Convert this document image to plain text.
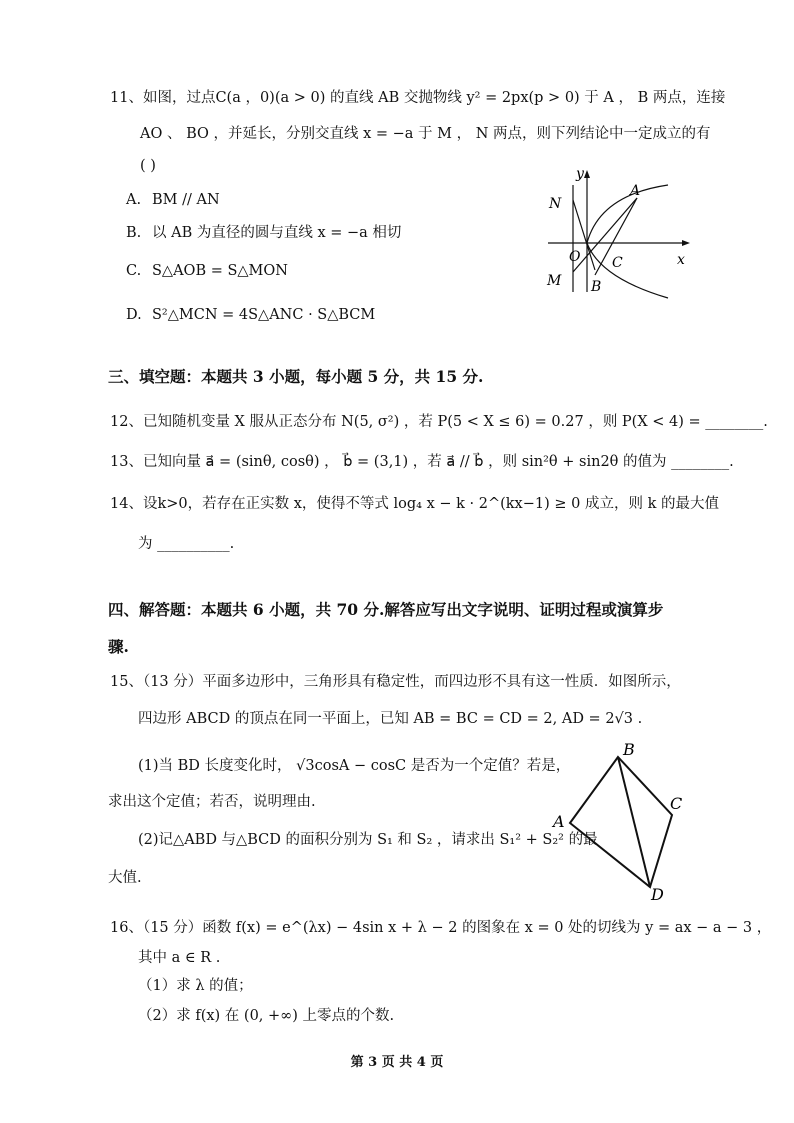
11、如图，过点C(a ，0)(a > 0) 的直线 AB 交抛物线 y² = 2px(p > 0) 于 A ， B 两点，连接
AO 、 BO ，并延长，分别交直线 x = −a 于 M ， N 两点，则下列结论中一定成立的有
( )
A. BM // AN
B. 以 AB 为直径的圆与直线 x = −a 相切
C. S△AOB = S△MON
D. S²△MCN = 4S△ANC · S△BCM
y
x
N
A
O C
M B
三、填空题：本题共 3 小题，每小题 5 分，共 15 分.
12、已知随机变量 X 服从正态分布 N(5, σ²) ，若 P(5 < X ≤ 6) = 0.27 ，则 P(X < 4) = ________.
13、已知向量 a⃗ = (sinθ, cosθ) ， b⃗ = (3,1) ，若 a⃗ // b⃗ ，则 sin²θ + sin2θ 的值为 ________.
14、设k>0，若存在正实数 x，使得不等式 log₄ x − k · 2^(kx−1) ≥ 0 成立，则 k 的最大值
为 __________.
四、解答题：本题共 6 小题，共 70 分.解答应写出文字说明、证明过程或演算步
骤.
15、（13 分）平面多边形中，三角形具有稳定性，而四边形不具有这一性质．如图所示，
四边形 ABCD 的顶点在同一平面上，已知 AB = BC = CD = 2, AD = 2√3 .
(1)当 BD 长度变化时， √3cosA − cosC 是否为一个定值？若是，
求出这个定值；若否，说明理由.
(2)记△ABD 与△BCD 的面积分别为 S₁ 和 S₂ ，请求出 S₁² + S₂² 的最
大值.
B
C
A
D
16、（15 分）函数 f(x) = e^(λx) − 4sin x + λ − 2 的图象在 x = 0 处的切线为 y = ax − a − 3 ，
其中 a ∈ R .
（1）求 λ 的值；
（2）求 f(x) 在 (0, +∞) 上零点的个数.
第 3 页 共 4 页
